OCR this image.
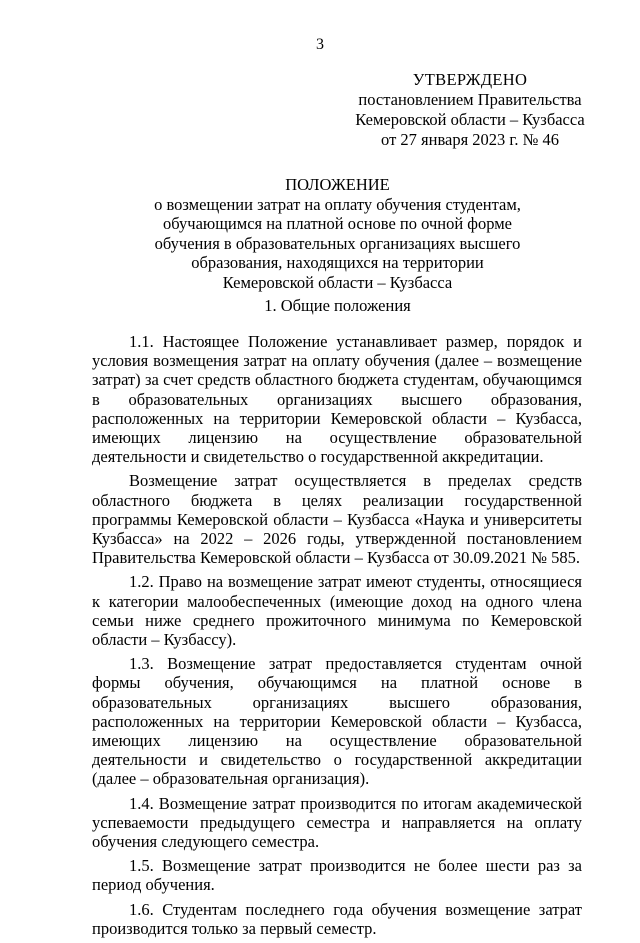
3
УТВЕРЖДЕНО
постановлением Правительства
Кемеровской области – Кузбасса
от 27 января 2023 г. № 46
ПОЛОЖЕНИЕ
о возмещении затрат на оплату обучения студентам,
обучающимся на платной основе по очной форме
обучения в образовательных организациях высшего
образования, находящихся на территории
Кемеровской области – Кузбасса
1. Общие положения

1.1. Настоящее Положение устанавливает размер, порядок и условия возмещения затрат на оплату обучения (далее – возмещение затрат) за счет средств областного бюджета студентам, обучающимся в образовательных организациях высшего образования, расположенных на территории Кемеровской области – Кузбасса, имеющих лицензию на осуществление образовательной деятельности и свидетельство о государственной аккредитации.

Возмещение затрат осуществляется в пределах средств областного бюджета в целях реализации государственной программы Кемеровской области – Кузбасса «Наука и университеты Кузбасса» на 2022 – 2026 годы, утвержденной постановлением Правительства Кемеровской области – Кузбасса от 30.09.2021 № 585.

1.2. Право на возмещение затрат имеют студенты, относящиеся к категории малообеспеченных (имеющие доход на одного члена семьи ниже среднего прожиточного минимума по Кемеровской области – Кузбассу).

1.3. Возмещение затрат предоставляется студентам очной формы обучения, обучающимся на платной основе в образовательных организациях высшего образования, расположенных на территории Кемеровской области – Кузбасса, имеющих лицензию на осуществление образовательной деятельности и свидетельство о государственной аккредитации (далее – образовательная организация).

1.4. Возмещение затрат производится по итогам академической успеваемости предыдущего семестра и направляется на оплату обучения следующего семестра.

1.5. Возмещение затрат производится не более шести раз за период обучения.

1.6. Студентам последнего года обучения возмещение затрат производится только за первый семестр.
